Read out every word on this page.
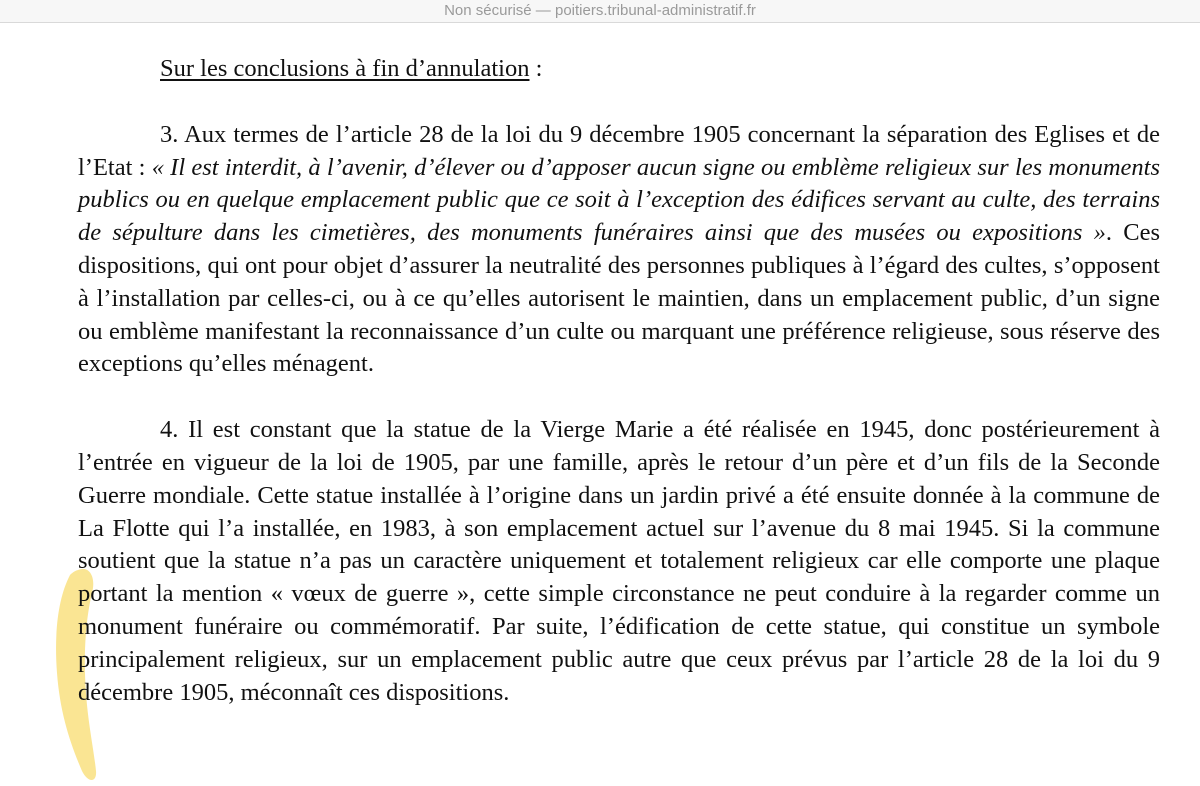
Non sécurisé — poitiers.tribunal-administratif.fr
Sur les conclusions à fin d’annulation :
3. Aux termes de l’article 28 de la loi du 9 décembre 1905 concernant la séparation des Eglises et de l’Etat : « Il est interdit, à l’avenir, d’élever ou d’apposer aucun signe ou emblème religieux sur les monuments publics ou en quelque emplacement public que ce soit à l’exception des édifices servant au culte, des terrains de sépulture dans les cimetières, des monuments funéraires ainsi que des musées ou expositions ». Ces dispositions, qui ont pour objet d’assurer la neutralité des personnes publiques à l’égard des cultes, s’opposent à l’installation par celles-ci, ou à ce qu’elles autorisent le maintien, dans un emplacement public, d’un signe ou emblème manifestant la reconnaissance d’un culte ou marquant une préférence religieuse, sous réserve des exceptions qu’elles ménagent.
4. Il est constant que la statue de la Vierge Marie a été réalisée en 1945, donc postérieurement à l’entrée en vigueur de la loi de 1905, par une famille, après le retour d’un père et d’un fils de la Seconde Guerre mondiale. Cette statue installée à l’origine dans un jardin privé a été ensuite donnée à la commune de La Flotte qui l’a installée, en 1983, à son emplacement actuel sur l’avenue du 8 mai 1945. Si la commune soutient que la statue n’a pas un caractère uniquement et totalement religieux car elle comporte une plaque portant la mention « vœux de guerre », cette simple circonstance ne peut conduire à la regarder comme un monument funéraire ou commémoratif. Par suite, l’édification de cette statue, qui constitue un symbole principalement religieux, sur un emplacement public autre que ceux prévus par l’article 28 de la loi du 9 décembre 1905, méconnaît ces dispositions.
